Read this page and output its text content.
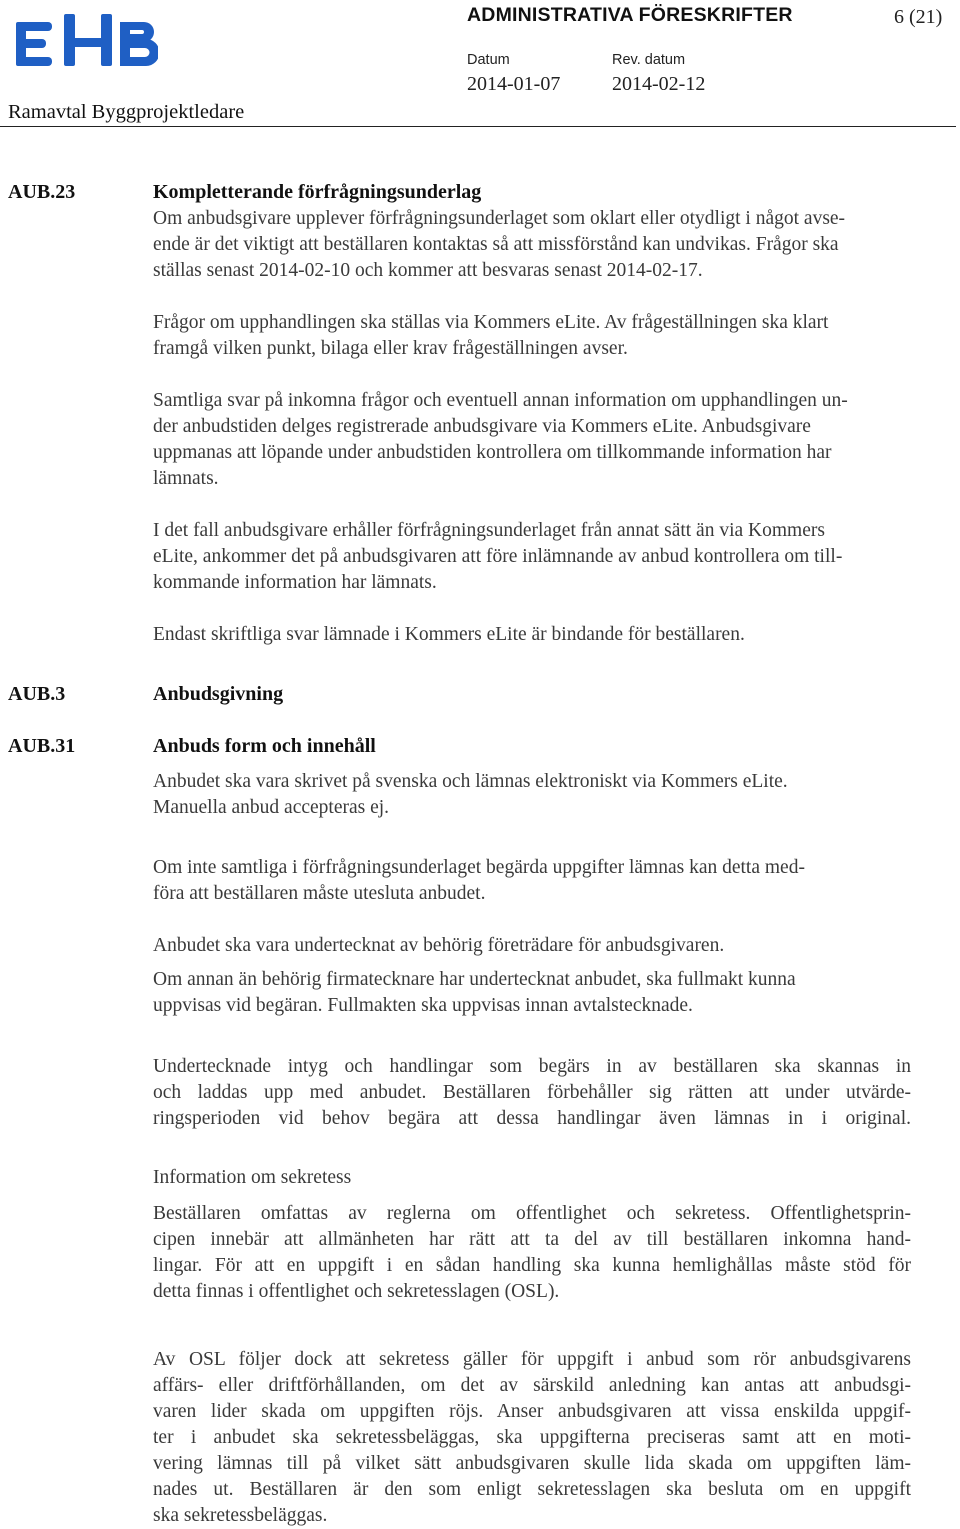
ADMINISTRATIVA FÖRESKRIFTER	6 (21)
Datum	Rev. datum
2014-01-07	2014-02-12
Ramavtal Byggprojektledare
AUB.23	Kompletterande förfrågningsunderlag
Om anbudsgivare upplever förfrågningsunderlaget som oklart eller otydligt i något avse-
ende är det viktigt att beställaren kontaktas så att missförstånd kan undvikas. Frågor ska
ställas senast 2014-02-10 och kommer att besvaras senast 2014-02-17.
Frågor om upphandlingen ska ställas via Kommers eLite. Av frågeställningen ska klart
framgå vilken punkt, bilaga eller krav frågeställningen avser.
Samtliga svar på inkomna frågor och eventuell annan information om upphandlingen un-
der anbudstiden delges registrerade anbudsgivare via Kommers eLite. Anbudsgivare
uppmanas att löpande under anbudstiden kontrollera om tillkommande information har
lämnats.
I det fall anbudsgivare erhåller förfrågningsunderlaget från annat sätt än via Kommers
eLite, ankommer det på anbudsgivaren att före inlämnande av anbud kontrollera om till-
kommande information har lämnats.
Endast skriftliga svar lämnade i Kommers eLite är bindande för beställaren.
AUB.3	Anbudsgivning
AUB.31	Anbuds form och innehåll
Anbudet ska vara skrivet på svenska och lämnas elektroniskt via Kommers eLite.
Manuella anbud accepteras ej.
Om inte samtliga i förfrågningsunderlaget begärda uppgifter lämnas kan detta med-
föra att beställaren måste utesluta anbudet.
Anbudet ska vara undertecknat av behörig företrädare för anbudsgivaren.
Om annan än behörig firmatecknare har undertecknat anbudet, ska fullmakt kunna
uppvisas vid begäran. Fullmakten ska uppvisas innan avtalstecknade.
Undertecknade intyg och handlingar som begärs in av beställaren ska skannas in
och laddas upp med anbudet. Beställaren förbehåller sig rätten att under utvärde-
ringsperioden vid behov begära att dessa handlingar även lämnas in i original.
Information om sekretess
Beställaren omfattas av reglerna om offentlighet och sekretess. Offentlighetsprin-
cipen innebär att allmänheten har rätt att ta del av till beställaren inkomna hand-
lingar. För att en uppgift i en sådan handling ska kunna hemlighållas måste stöd för
detta finnas i offentlighet och sekretesslagen (OSL).
Av OSL följer dock att sekretess gäller för uppgift i anbud som rör anbudsgivarens
affärs- eller driftförhållanden, om det av särskild anledning kan antas att anbudsgi-
varen lider skada om uppgiften röjs. Anser anbudsgivaren att vissa enskilda uppgif-
ter i anbudet ska sekretessbeläggas, ska uppgifterna preciseras samt att en moti-
vering lämnas till på vilket sätt anbudsgivaren skulle lida skada om uppgiften läm-
nades ut. Beställaren är den som enligt sekretesslagen ska besluta om en uppgift
ska sekretessbeläggas.
